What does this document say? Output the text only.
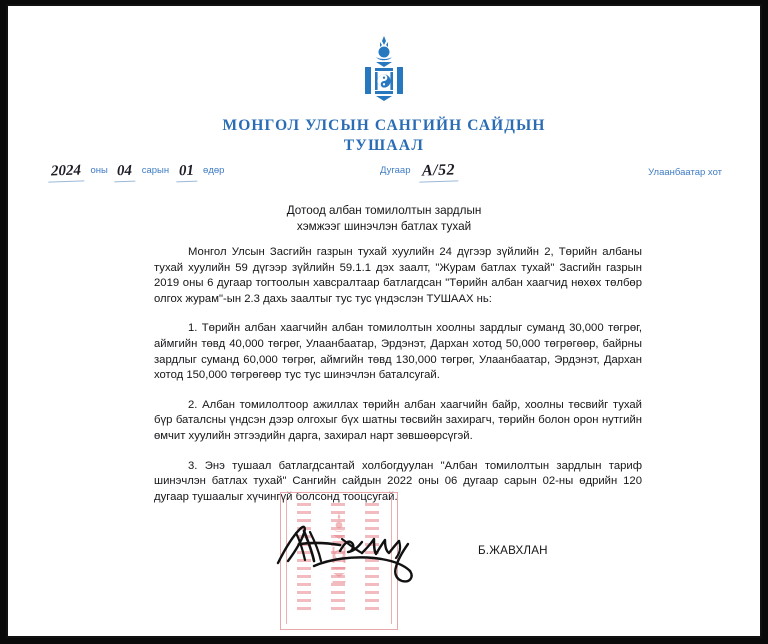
МОНГОЛ УЛСЫН САНГИЙН САЙДЫН
ТУШААЛ
2024 оны 04 сарын 01 өдөр	Дугаар А/52	Улаанбаатар хот
Дотоод албан томилолтын зардлын
хэмжээг шинэчлэн батлах тухай

Монгол Улсын Засгийн газрын тухай хуулийн 24 дүгээр зүйлийн 2, Төрийн албаны тухай хуулийн 59 дүгээр зүйлийн 59.1.1 дэх заалт, "Журам батлах тухай" Засгийн газрын 2019 оны 6 дугаар тогтоолын хавсралтаар батлагдсан "Төрийн албан хаагчид нөхөх төлбөр олгох журам"-ын 2.3 дахь заалтыг тус тус үндэслэн ТУШААХ нь:

1. Төрийн албан хаагчийн албан томилолтын хоолны зардлыг суманд 30,000 төгрөг, аймгийн төвд 40,000 төгрөг, Улаанбаатар, Эрдэнэт, Дархан хотод 50,000 төгрөгөөр, байрны зардлыг суманд 60,000 төгрөг, аймгийн төвд 130,000 төгрөг, Улаанбаатар, Эрдэнэт, Дархан хотод 150,000 төгрөгөөр тус тус шинэчлэн баталсугай.

2. Албан томилолтоор ажиллах төрийн албан хаагчийн байр, хоолны төсвийг тухай бүр баталсны үндсэн дээр олгохыг бүх шатны төсвийн захирагч, төрийн болон орон нутгийн өмчит хуулийн этгээдийн дарга, захирал нарт зөвшөөрсүгэй.

3. Энэ тушаал батлагдсантай холбогдуулан "Албан томилолтын зардлын тариф шинэчлэн батлах тухай" Сангийн сайдын 2022 оны 06 дугаар сарын 02-ны өдрийн 120 дугаар тушаалыг хүчингүй болсонд тооцсугай.

Б.ЖАВХЛАН
